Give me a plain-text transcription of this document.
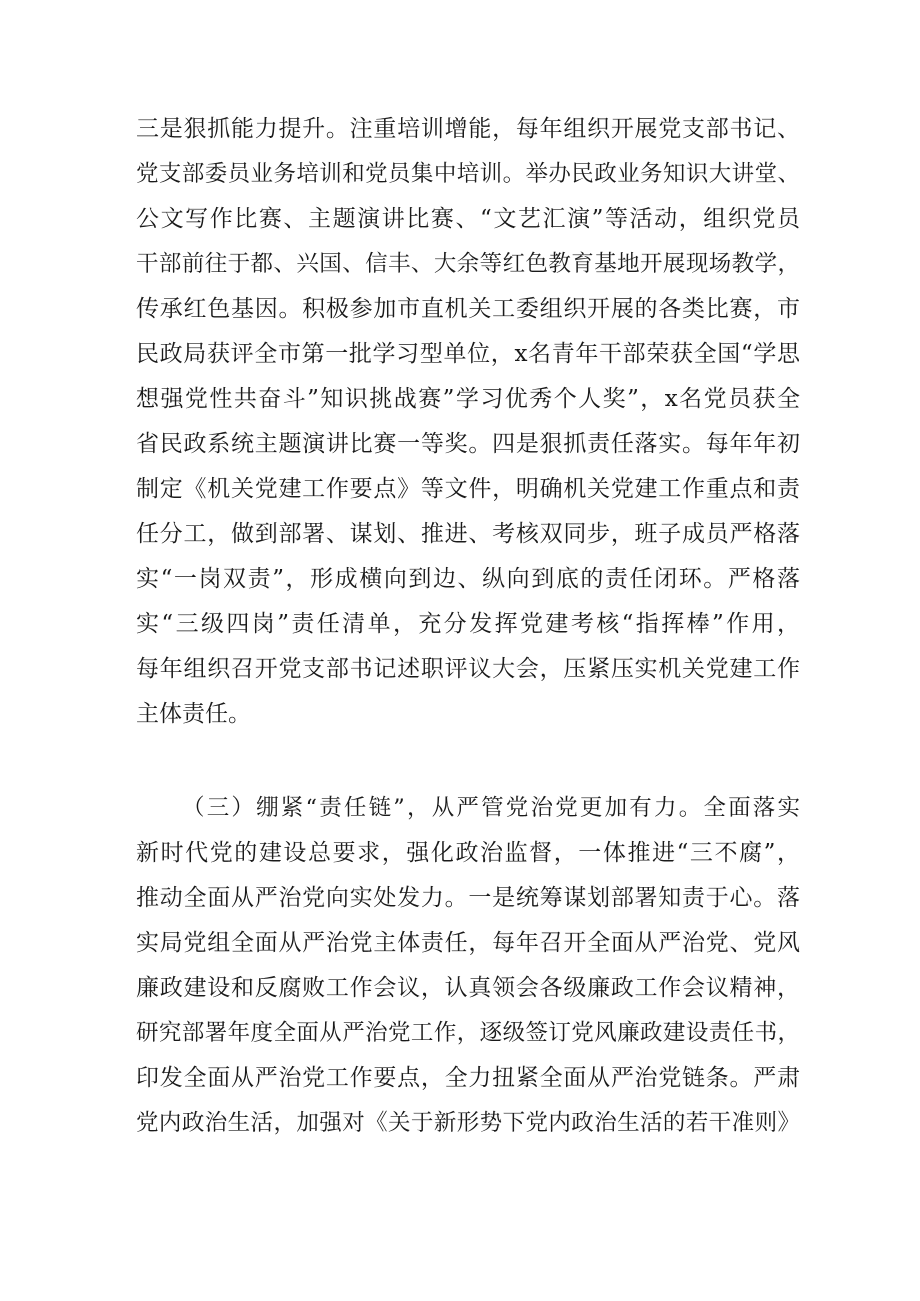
三是狠抓能力提升。注重培训增能，每年组织开展党支部书记、
党支部委员业务培训和党员集中培训。举办民政业务知识大讲堂、
公文写作比赛、主题演讲比赛、“文艺汇演”等活动，组织党员
干部前往于都、兴国、信丰、大余等红色教育基地开展现场教学，
传承红色基因。积极参加市直机关工委组织开展的各类比赛，市
民政局获评全市第一批学习型单位，x名青年干部荣获全国“学思
想强党性共奋斗”知识挑战赛”学习优秀个人奖”，x名党员获全
省民政系统主题演讲比赛一等奖。四是狠抓责任落实。每年年初
制定《机关党建工作要点》等文件，明确机关党建工作重点和责
任分工，做到部署、谋划、推进、考核双同步，班子成员严格落
实“一岗双责”，形成横向到边、纵向到底的责任闭环。严格落
实“三级四岗”责任清单，充分发挥党建考核“指挥棒”作用，
每年组织召开党支部书记述职评议大会，压紧压实机关党建工作
主体责任。
（三）绷紧“责任链”，从严管党治党更加有力。全面落实
新时代党的建设总要求，强化政治监督，一体推进“三不腐”，
推动全面从严治党向实处发力。一是统筹谋划部署知责于心。落
实局党组全面从严治党主体责任，每年召开全面从严治党、党风
廉政建设和反腐败工作会议，认真领会各级廉政工作会议精神，
研究部署年度全面从严治党工作，逐级签订党风廉政建设责任书，
印发全面从严治党工作要点，全力扭紧全面从严治党链条。严肃
党内政治生活，加强对《关于新形势下党内政治生活的若干准则》
